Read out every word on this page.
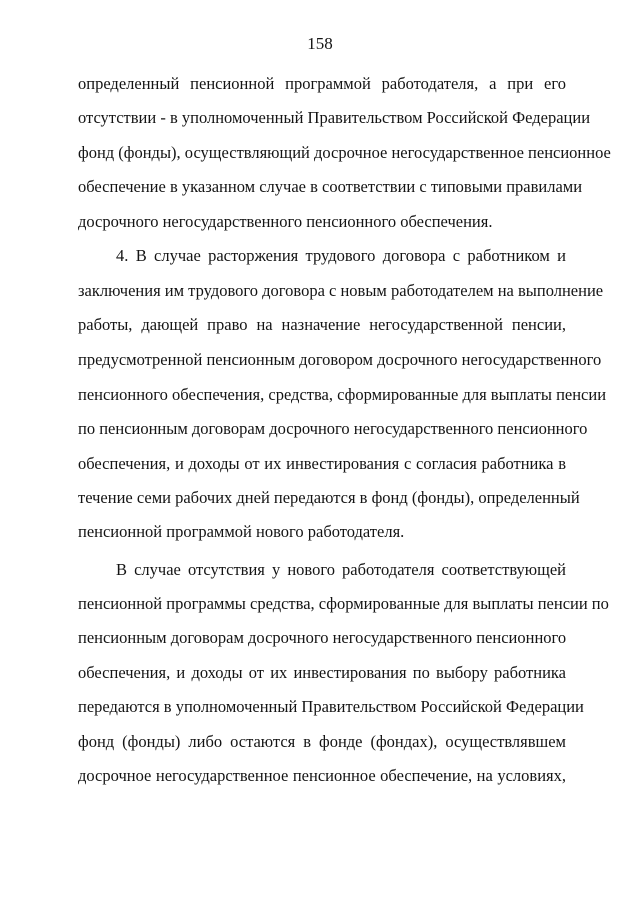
158
определенный пенсионной программой работодателя, а при его
отсутствии - в уполномоченный Правительством Российской Федерации
фонд (фонды), осуществляющий досрочное негосударственное пенсионное
обеспечение в указанном случае в соответствии с типовыми правилами
досрочного негосударственного пенсионного обеспечения.
4. В случае расторжения трудового договора с работником и
заключения им трудового договора с новым работодателем на выполнение
работы, дающей право на назначение негосударственной пенсии,
предусмотренной пенсионным договором досрочного негосударственного
пенсионного обеспечения, средства, сформированные для выплаты пенсии
по пенсионным договорам досрочного негосударственного пенсионного
обеспечения, и доходы от их инвестирования с согласия работника в
течение семи рабочих дней передаются в фонд (фонды), определенный
пенсионной программой нового работодателя.
В случае отсутствия у нового работодателя соответствующей
пенсионной программы средства, сформированные для выплаты пенсии по
пенсионным договорам досрочного негосударственного пенсионного
обеспечения, и доходы от их инвестирования по выбору работника
передаются в уполномоченный Правительством Российской Федерации
фонд (фонды) либо остаются в фонде (фондах), осуществлявшем
досрочное негосударственное пенсионное обеспечение, на условиях,
